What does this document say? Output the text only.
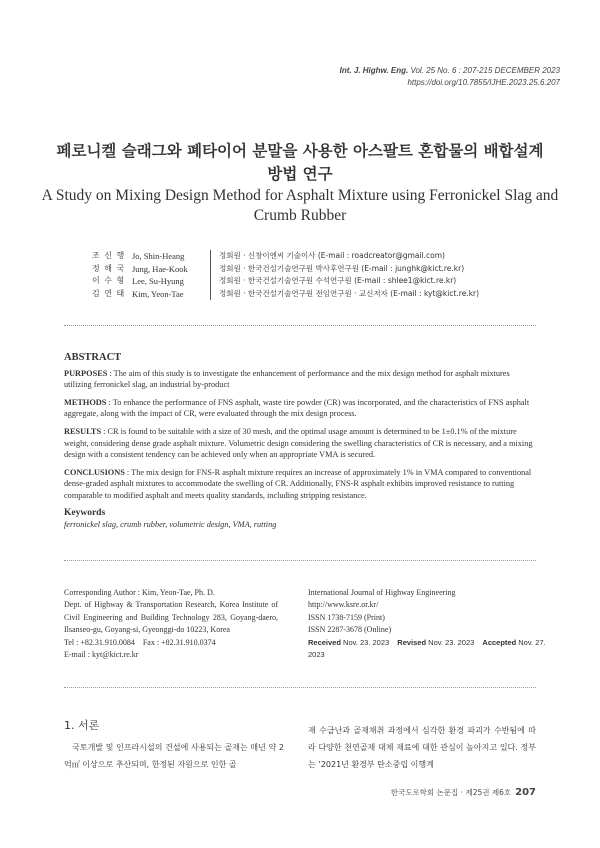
Int. J. Highw. Eng. Vol. 25 No. 6 : 207-215 DECEMBER 2023
https://doi.org/10.7855/IJHE.2023.25.6.207
페로니켈 슬래그와 폐타이어 분말을 사용한 아스팔트 혼합물의 배합설계
방법 연구
A Study on Mixing Design Method for Asphalt Mixture using Ferronickel Slag and
Crumb Rubber
조 신 행 Jo, Shin-Heang	정회원 · 신창이엔씨 기술이사 (E-mail : roadcreator@gmail.com)
정 해 국 Jung, Hae-Kook	정회원 · 한국건설기술연구원 박사후연구원 (E-mail : junghk@kict.re.kr)
이 수 형 Lee, Su-Hyung	정회원 · 한국건설기술연구원 수석연구원 (E-mail : shlee1@kict.re.kr)
김 연 태 Kim, Yeon-Tae	정회원 · 한국건설기술연구원 전임연구원 · 교신저자 (E-mail : kyt@kict.re.kr)
ABSTRACT

PURPOSES : The aim of this study is to investigate the enhancement of performance and the mix design method for asphalt mixtures utilizing ferronickel slag, an industrial by-product

METHODS : To enhance the performance of FNS asphalt, waste tire powder (CR) was incorporated, and the characteristics of FNS asphalt aggregate, along with the impact of CR, were evaluated through the mix design process.

RESULTS : CR is found to be suitable with a size of 30 mesh, and the optimal usage amount is determined to be 1±0.1% of the mixture weight, considering dense grade asphalt mixture. Volumetric design considering the swelling characteristics of CR is necessary, and a mixing design with a consistent tendency can be achieved only when an appropriate VMA is secured.

CONCLUSIONS : The mix design for FNS-R asphalt mixture requires an increase of approximately 1% in VMA compared to conventional dense-graded asphalt mixtures to accommodate the swelling of CR. Additionally, FNS-R asphalt exhibits improved resistance to rutting comparable to modified asphalt and meets quality standards, including stripping resistance.

Keywords
ferronickel slag, crumb rubber, volumetric design, VMA, rutting
Corresponding Author : Kim, Yeon-Tae, Ph. D.
Dept. of Highway & Transportation Research, Korea Institute of Civil Engineering and Building Technology 283, Goyang-daero, Ilsanseo-gu, Goyang-si, Gyeonggi-do 10223, Korea
Tel : +82.31.910.0084 Fax : +82.31.910.0374
E-mail : kyt@kict.re.kr
International Journal of Highway Engineering
http://www.ksre.or.kr/
ISSN 1738-7159 (Print)
ISSN 2287-3678 (Online)
Received Nov. 23. 2023 Revised Nov. 23. 2023 Accepted Nov. 27. 2023
1. 서론
　국토개발 및 인프라시설의 건설에 사용되는 골재는 매년 약 2억㎥ 이상으로 추산되며, 한정된 자원으로 인한 골
재 수급난과 골재채취 과정에서 심각한 환경 파괴가 수반됨에 따라 다양한 천연골재 대체 재료에 대한 관심이 높아지고 있다. 정부는 ‘2021년 환경부 탄소중립 이행계
한국도로학회 논문집 · 제25권 제6호 207
